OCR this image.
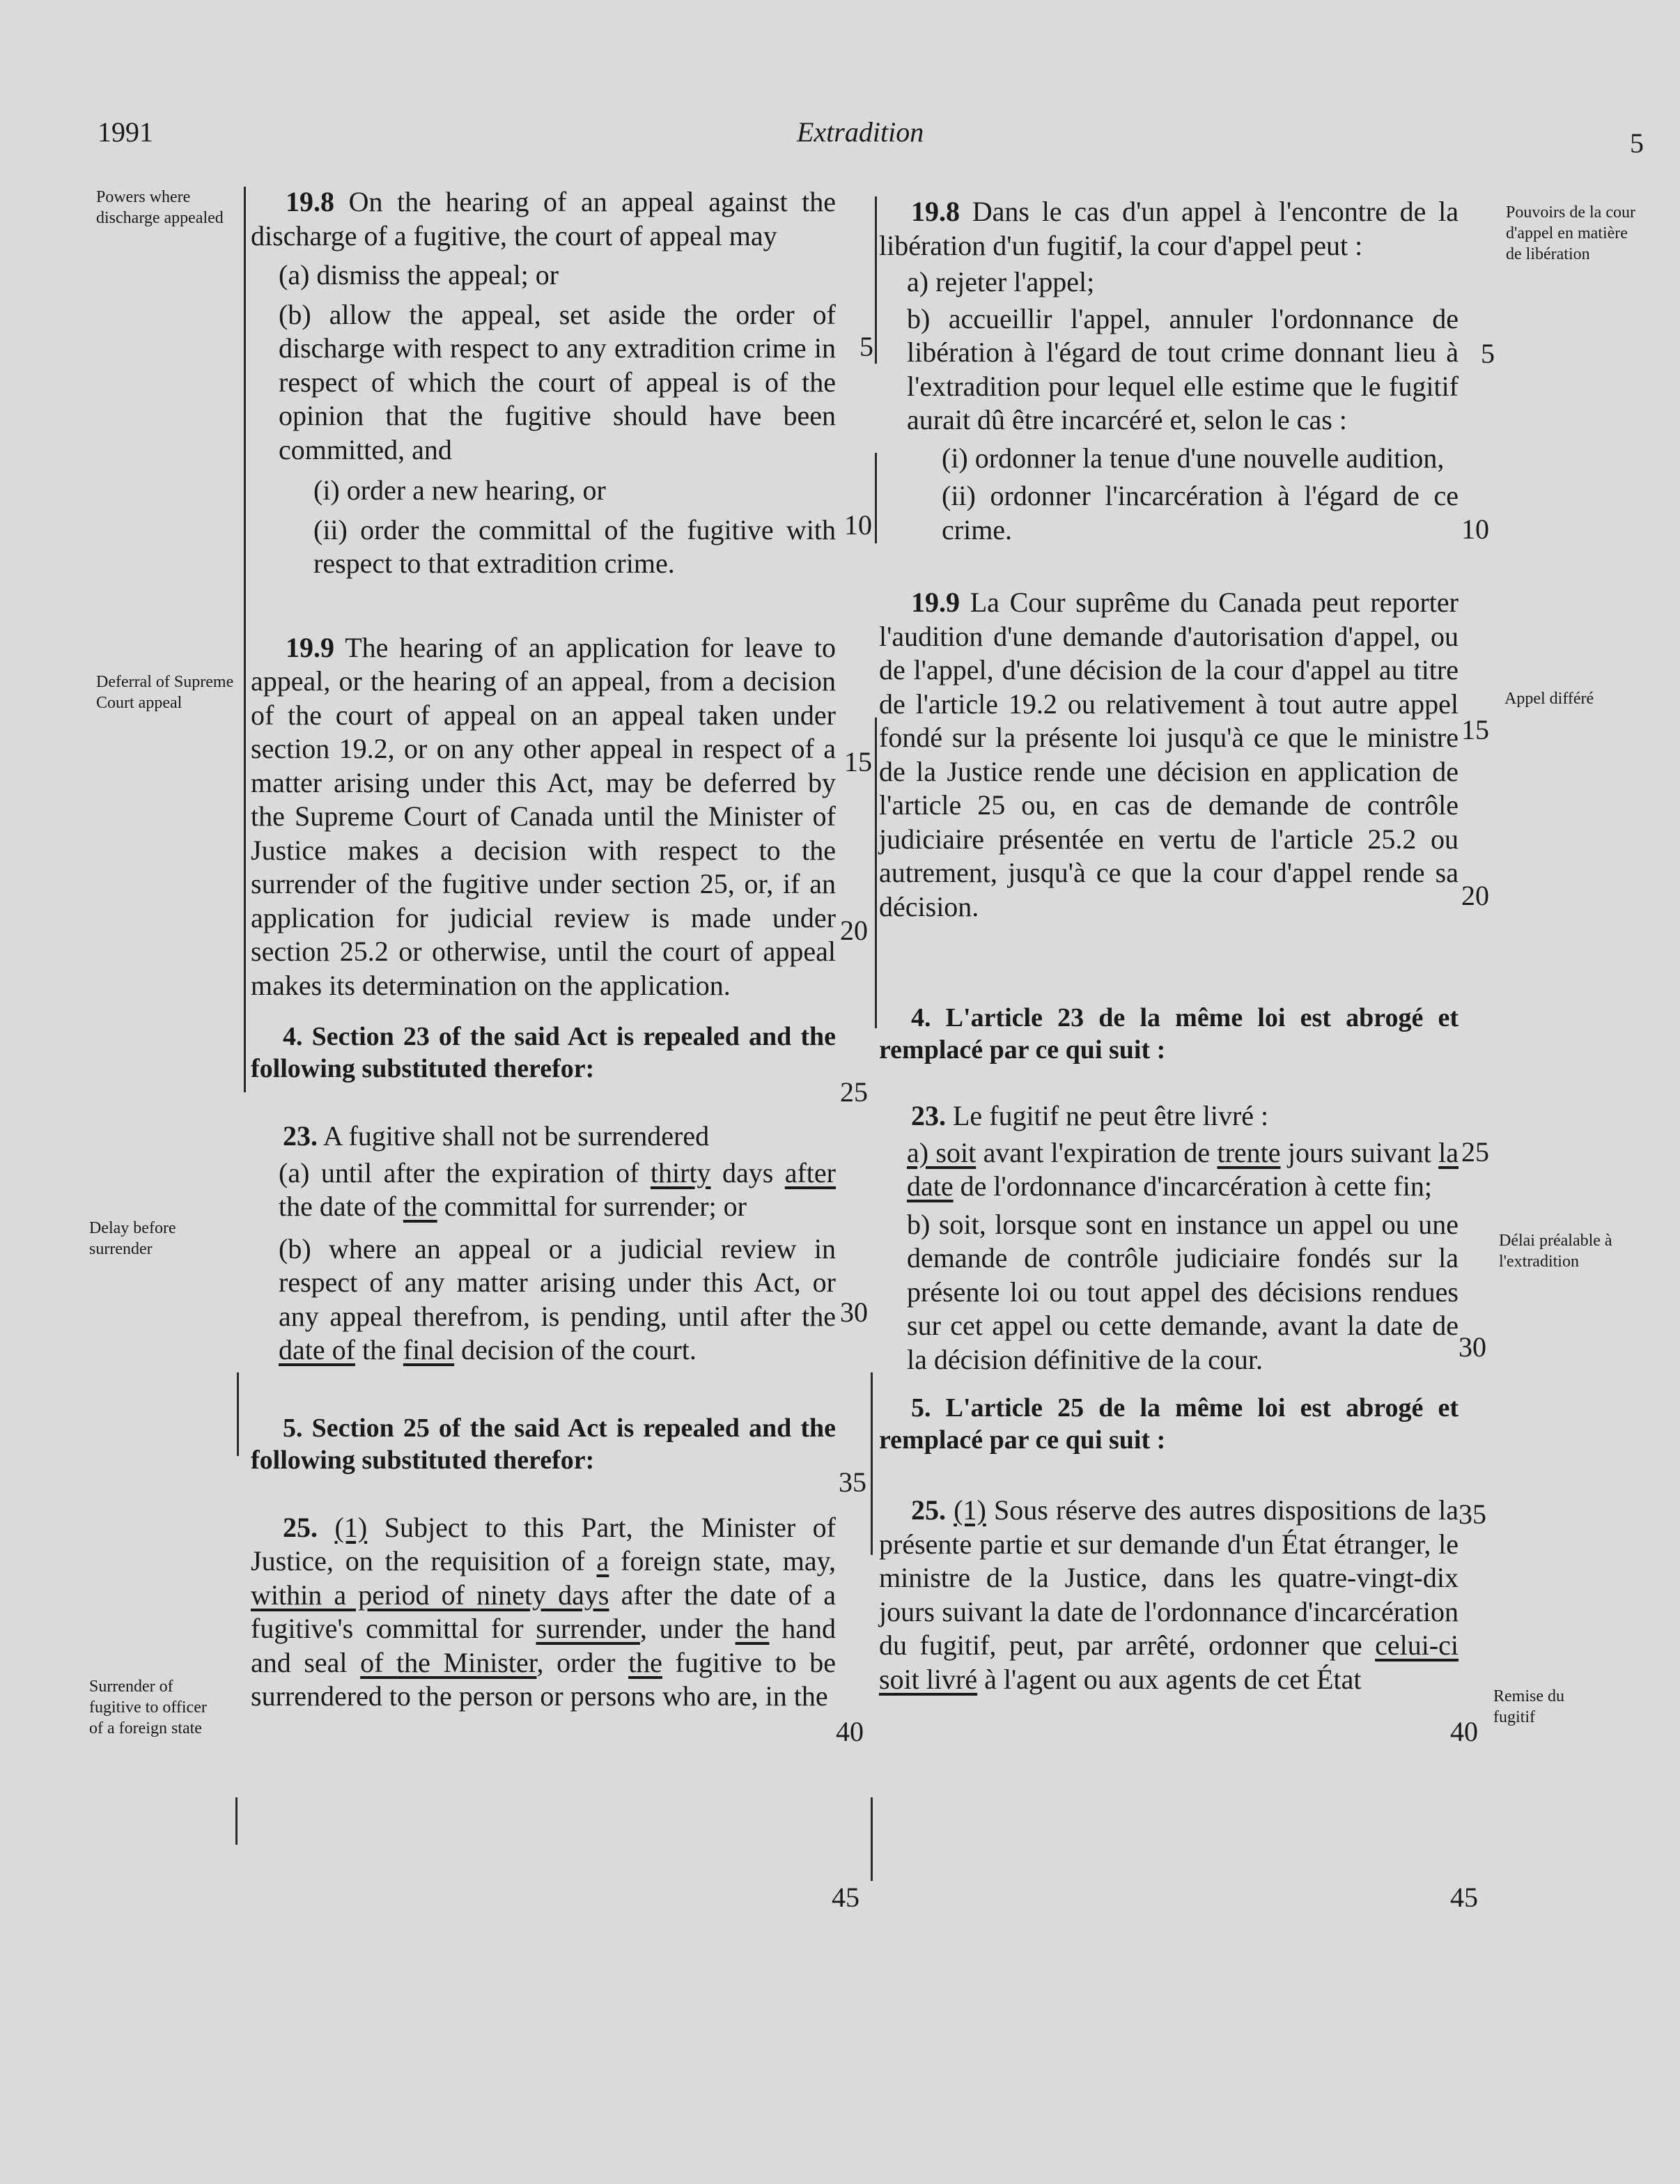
1991	Extradition	5
Powers where discharge appealed
Deferral of Supreme Court appeal
Delay before surrender
Surrender of fugitive to officer of a foreign state
Pouvoirs de la cour d'appel en matière de libération
Appel différé
Délai préalable à l'extradition
Remise du fugitif

19.8 On the hearing of an appeal against the discharge of a fugitive, the court of appeal may

(a) dismiss the appeal; or

(b) allow the appeal, set aside the order of discharge with respect to any extradition crime in respect of which the court of appeal is of the opinion that the fugitive should have been committed, and

(i) order a new hearing, or

(ii) order the committal of the fugitive with respect to that extradition crime.

19.9 The hearing of an application for leave to appeal, or the hearing of an appeal, from a decision of the court of appeal on an appeal taken under section 19.2, or on any other appeal in respect of a matter arising under this Act, may be deferred by the Supreme Court of Canada until the Minister of Justice makes a decision with respect to the surrender of the fugitive under section 25, or, if an application for judicial review is made under section 25.2 or otherwise, until the court of appeal makes its determination on the application.

4. Section 23 of the said Act is repealed and the following substituted therefor:

23. A fugitive shall not be surrendered

(a) until after the expiration of thirty days after the date of the committal for surrender; or

(b) where an appeal or a judicial review in respect of any matter arising under this Act, or any appeal therefrom, is pending, until after the date of the final decision of the court.

5. Section 25 of the said Act is repealed and the following substituted therefor:

25. (1) Subject to this Part, the Minister of Justice, on the requisition of a foreign state, may, within a period of ninety days after the date of a fugitive's committal for surrender, under the hand and seal of the Minister, order the fugitive to be surrendered to the person or persons who are, in the

19.8 Dans le cas d'un appel à l'encontre de la libération d'un fugitif, la cour d'appel peut :

a) rejeter l'appel;

b) accueillir l'appel, annuler l'ordonnance de libération à l'égard de tout crime donnant lieu à l'extradition pour lequel elle estime que le fugitif aurait dû être incarcéré et, selon le cas :

(i) ordonner la tenue d'une nouvelle audition,

(ii) ordonner l'incarcération à l'égard de ce crime.

19.9 La Cour suprême du Canada peut reporter l'audition d'une demande d'autorisation d'appel, ou de l'appel, d'une décision de la cour d'appel au titre de l'article 19.2 ou relativement à tout autre appel fondé sur la présente loi jusqu'à ce que le ministre de la Justice rende une décision en application de l'article 25 ou, en cas de demande de contrôle judiciaire présentée en vertu de l'article 25.2 ou autrement, jusqu'à ce que la cour d'appel rende sa décision.

4. L'article 23 de la même loi est abrogé et remplacé par ce qui suit :

23. Le fugitif ne peut être livré :

a) soit avant l'expiration de trente jours suivant la date de l'ordonnance d'incarcération à cette fin;

b) soit, lorsque sont en instance un appel ou une demande de contrôle judiciaire fondés sur la présente loi ou tout appel des décisions rendues sur cet appel ou cette demande, avant la date de la décision définitive de la cour.

5. L'article 25 de la même loi est abrogé et remplacé par ce qui suit :

25. (1) Sous réserve des autres dispositions de la présente partie et sur demande d'un État étranger, le ministre de la Justice, dans les quatre-vingt-dix jours suivant la date de l'ordonnance d'incarcération du fugitif, peut, par arrêté, ordonner que celui-ci soit livré à l'agent ou aux agents de cet État

5
10
15
20
25
30
35
40
45
5
10
15
20
25
30
35
40
45
